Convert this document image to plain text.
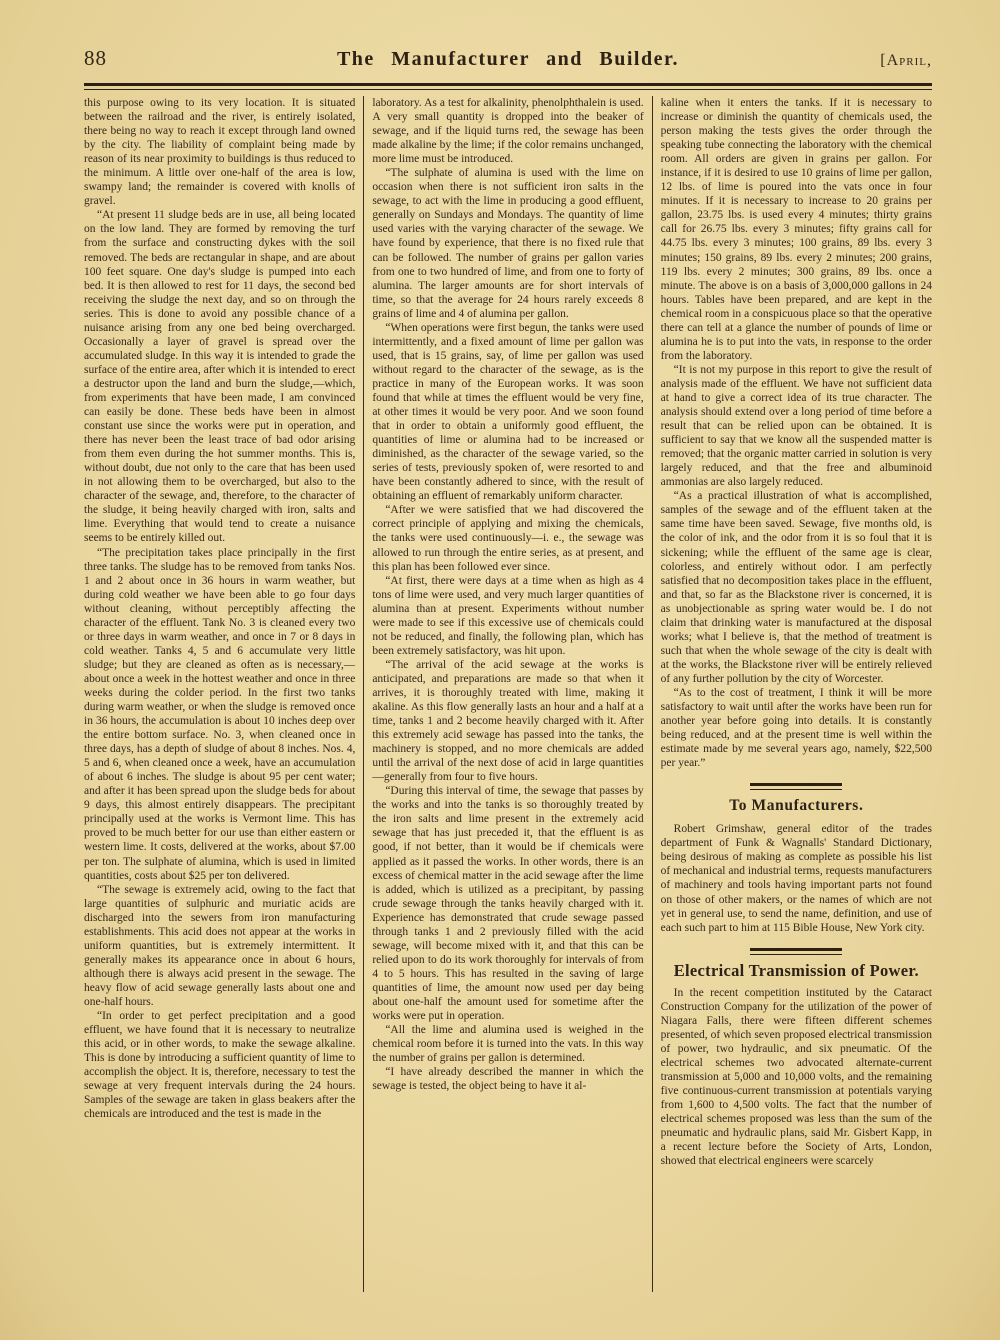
88	The Manufacturer and Builder.	[April,

this purpose owing to its very location. It is situated between the railroad and the river, is entirely isolated, there being no way to reach it except through land owned by the city. The liability of complaint being made by reason of its near proximity to buildings is thus reduced to the minimum. A little over one-half of the area is low, swampy land; the remainder is covered with knolls of gravel.

“At present 11 sludge beds are in use, all being located on the low land. They are formed by removing the turf from the surface and constructing dykes with the soil removed. The beds are rectangular in shape, and are about 100 feet square. One day's sludge is pumped into each bed. It is then allowed to rest for 11 days, the second bed receiving the sludge the next day, and so on through the series. This is done to avoid any possible chance of a nuisance arising from any one bed being overcharged. Occasionally a layer of gravel is spread over the accumulated sludge. In this way it is intended to grade the surface of the entire area, after which it is intended to erect a destructor upon the land and burn the sludge,—which, from experiments that have been made, I am convinced can easily be done. These beds have been in almost constant use since the works were put in operation, and there has never been the least trace of bad odor arising from them even during the hot summer months. This is, without doubt, due not only to the care that has been used in not allowing them to be overcharged, but also to the character of the sewage, and, therefore, to the character of the sludge, it being heavily charged with iron, salts and lime. Everything that would tend to create a nuisance seems to be entirely killed out.

“The precipitation takes place principally in the first three tanks. The sludge has to be removed from tanks Nos. 1 and 2 about once in 36 hours in warm weather, but during cold weather we have been able to go four days without cleaning, without perceptibly affecting the character of the effluent. Tank No. 3 is cleaned every two or three days in warm weather, and once in 7 or 8 days in cold weather. Tanks 4, 5 and 6 accumulate very little sludge; but they are cleaned as often as is necessary,—about once a week in the hottest weather and once in three weeks during the colder period. In the first two tanks during warm weather, or when the sludge is removed once in 36 hours, the accumulation is about 10 inches deep over the entire bottom surface. No. 3, when cleaned once in three days, has a depth of sludge of about 8 inches. Nos. 4, 5 and 6, when cleaned once a week, have an accumulation of about 6 inches. The sludge is about 95 per cent water; and after it has been spread upon the sludge beds for about 9 days, this almost entirely disappears. The precipitant principally used at the works is Vermont lime. This has proved to be much better for our use than either eastern or western lime. It costs, delivered at the works, about $7.00 per ton. The sulphate of alumina, which is used in limited quantities, costs about $25 per ton delivered.

“The sewage is extremely acid, owing to the fact that large quantities of sulphuric and muriatic acids are discharged into the sewers from iron manufacturing establishments. This acid does not appear at the works in uniform quantities, but is extremely intermittent. It generally makes its appearance once in about 6 hours, although there is always acid present in the sewage. The heavy flow of acid sewage generally lasts about one and one-half hours.

“In order to get perfect precipitation and a good effluent, we have found that it is necessary to neutralize this acid, or in other words, to make the sewage alkaline. This is done by introducing a sufficient quantity of lime to accomplish the object. It is, therefore, necessary to test the sewage at very frequent intervals during the 24 hours. Samples of the sewage are taken in glass beakers after the chemicals are introduced and the test is made in the

laboratory. As a test for alkalinity, phenolphthalein is used. A very small quantity is dropped into the beaker of sewage, and if the liquid turns red, the sewage has been made alkaline by the lime; if the color remains unchanged, more lime must be introduced.

“The sulphate of alumina is used with the lime on occasion when there is not sufficient iron salts in the sewage, to act with the lime in producing a good effluent, generally on Sundays and Mondays. The quantity of lime used varies with the varying character of the sewage. We have found by experience, that there is no fixed rule that can be followed. The number of grains per gallon varies from one to two hundred of lime, and from one to forty of alumina. The larger amounts are for short intervals of time, so that the average for 24 hours rarely exceeds 8 grains of lime and 4 of alumina per gallon.

“When operations were first begun, the tanks were used intermittently, and a fixed amount of lime per gallon was used, that is 15 grains, say, of lime per gallon was used without regard to the character of the sewage, as is the practice in many of the European works. It was soon found that while at times the effluent would be very fine, at other times it would be very poor. And we soon found that in order to obtain a uniformly good effluent, the quantities of lime or alumina had to be increased or diminished, as the character of the sewage varied, so the series of tests, previously spoken of, were resorted to and have been constantly adhered to since, with the result of obtaining an effluent of remarkably uniform character.

“After we were satisfied that we had discovered the correct principle of applying and mixing the chemicals, the tanks were used continuously—i. e., the sewage was allowed to run through the entire series, as at present, and this plan has been followed ever since.

“At first, there were days at a time when as high as 4 tons of lime were used, and very much larger quantities of alumina than at present. Experiments without number were made to see if this excessive use of chemicals could not be reduced, and finally, the following plan, which has been extremely satisfactory, was hit upon.

“The arrival of the acid sewage at the works is anticipated, and preparations are made so that when it arrives, it is thoroughly treated with lime, making it akaline. As this flow generally lasts an hour and a half at a time, tanks 1 and 2 become heavily charged with it. After this extremely acid sewage has passed into the tanks, the machinery is stopped, and no more chemicals are added until the arrival of the next dose of acid in large quantities—generally from four to five hours.

“During this interval of time, the sewage that passes by the works and into the tanks is so thoroughly treated by the iron salts and lime present in the extremely acid sewage that has just preceded it, that the effluent is as good, if not better, than it would be if chemicals were applied as it passed the works. In other words, there is an excess of chemical matter in the acid sewage after the lime is added, which is utilized as a precipitant, by passing crude sewage through the tanks heavily charged with it. Experience has demonstrated that crude sewage passed through tanks 1 and 2 previously filled with the acid sewage, will become mixed with it, and that this can be relied upon to do its work thoroughly for intervals of from 4 to 5 hours. This has resulted in the saving of large quantities of lime, the amount now used per day being about one-half the amount used for sometime after the works were put in operation.

“All the lime and alumina used is weighed in the chemical room before it is turned into the vats. In this way the number of grains per gallon is determined.

“I have already described the manner in which the sewage is tested, the object being to have it al-

kaline when it enters the tanks. If it is necessary to increase or diminish the quantity of chemicals used, the person making the tests gives the order through the speaking tube connecting the laboratory with the chemical room. All orders are given in grains per gallon. For instance, if it is desired to use 10 grains of lime per gallon, 12 lbs. of lime is poured into the vats once in four minutes. If it is necessary to increase to 20 grains per gallon, 23.75 lbs. is used every 4 minutes; thirty grains call for 26.75 lbs. every 3 minutes; fifty grains call for 44.75 lbs. every 3 minutes; 100 grains, 89 lbs. every 3 minutes; 150 grains, 89 lbs. every 2 minutes; 200 grains, 119 lbs. every 2 minutes; 300 grains, 89 lbs. once a minute. The above is on a basis of 3,000,000 gallons in 24 hours. Tables have been prepared, and are kept in the chemical room in a conspicuous place so that the operative there can tell at a glance the number of pounds of lime or alumina he is to put into the vats, in response to the order from the laboratory.

“It is not my purpose in this report to give the result of analysis made of the effluent. We have not sufficient data at hand to give a correct idea of its true character. The analysis should extend over a long period of time before a result that can be relied upon can be obtained. It is sufficient to say that we know all the suspended matter is removed; that the organic matter carried in solution is very largely reduced, and that the free and albuminoid ammonias are also largely reduced.

“As a practical illustration of what is accomplished, samples of the sewage and of the effluent taken at the same time have been saved. Sewage, five months old, is the color of ink, and the odor from it is so foul that it is sickening; while the effluent of the same age is clear, colorless, and entirely without odor. I am perfectly satisfied that no decomposition takes place in the effluent, and that, so far as the Blackstone river is concerned, it is as unobjectionable as spring water would be. I do not claim that drinking water is manufactured at the disposal works; what I believe is, that the method of treatment is such that when the whole sewage of the city is dealt with at the works, the Blackstone river will be entirely relieved of any further pollution by the city of Worcester.

“As to the cost of treatment, I think it will be more satisfactory to wait until after the works have been run for another year before going into details. It is constantly being reduced, and at the present time is well within the estimate made by me several years ago, namely, $22,500 per year.”

To Manufacturers.

Robert Grimshaw, general editor of the trades department of Funk & Wagnalls' Standard Dictionary, being desirous of making as complete as possible his list of mechanical and industrial terms, requests manufacturers of machinery and tools having important parts not found on those of other makers, or the names of which are not yet in general use, to send the name, definition, and use of each such part to him at 115 Bible House, New York city.

Electrical Transmission of Power.

In the recent competition instituted by the Cataract Construction Company for the utilization of the power of Niagara Falls, there were fifteen different schemes presented, of which seven proposed electrical transmission of power, two hydraulic, and six pneumatic. Of the electrical schemes two advocated alternate-current transmission at 5,000 and 10,000 volts, and the remaining five continuous-current transmission at potentials varying from 1,600 to 4,500 volts. The fact that the number of electrical schemes proposed was less than the sum of the pneumatic and hydraulic plans, said Mr. Gisbert Kapp, in a recent lecture before the Society of Arts, London, showed that electrical engineers were scarcely
